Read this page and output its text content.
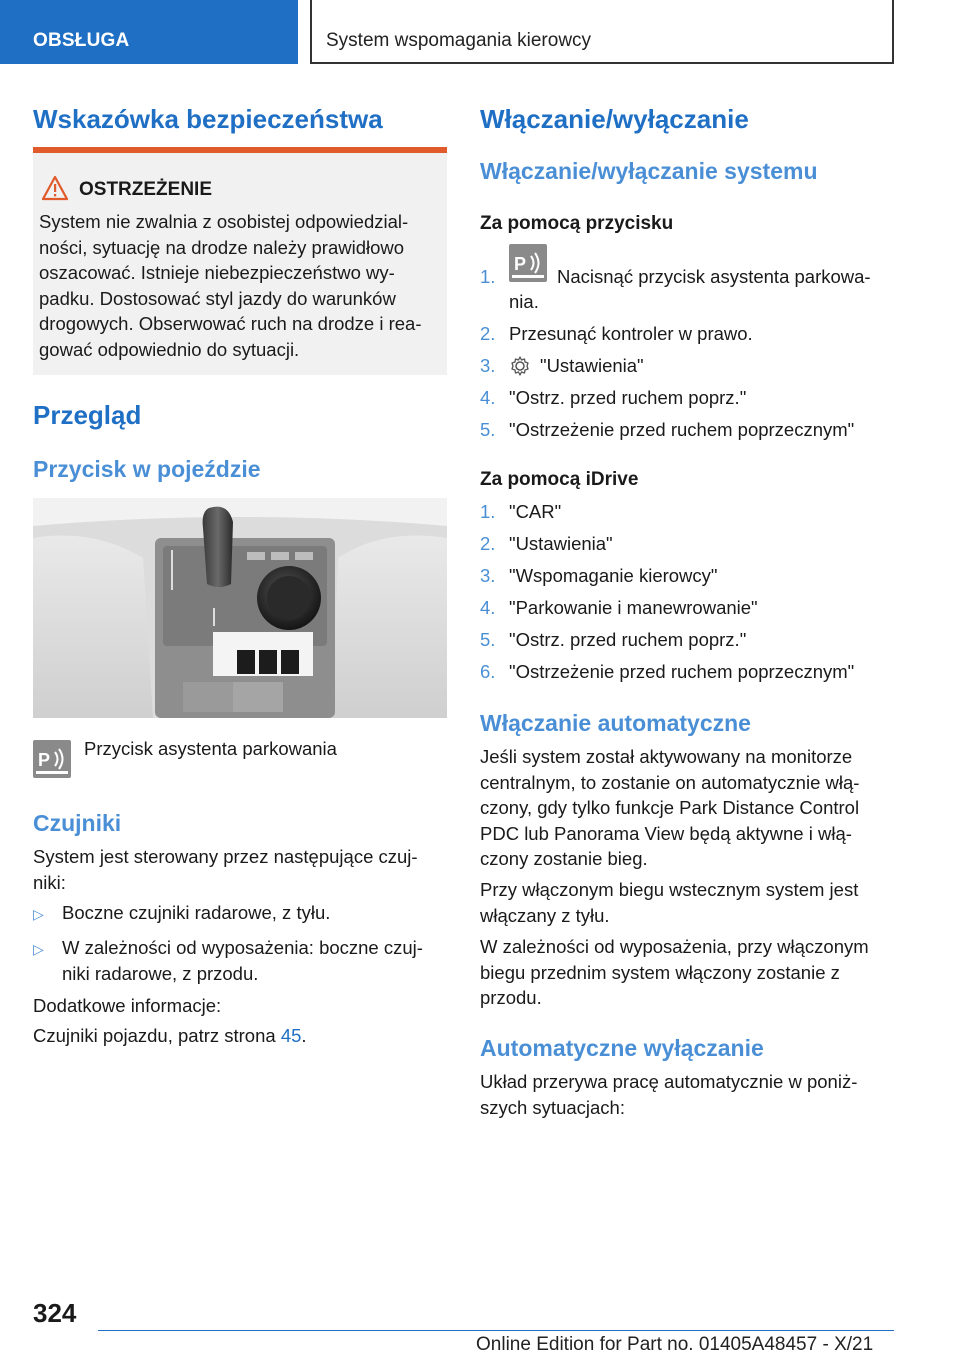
OBSŁUGA	System wspomagania kierowcy
Wskazówka bezpieczeństwa
OSTRZEŻENIE
System nie zwalnia z osobistej odpowiedzial-
ności, sytuację na drodze należy prawidłowo
oszacować. Istnieje niebezpieczeństwo wy-
padku. Dostosować styl jazdy do warunków
drogowych. Obserwować ruch na drodze i rea-
gować odpowiednio do sytuacji.
Przegląd
Przycisk w pojeździe
P
Przycisk asystenta parkowania
Czujniki
System jest sterowany przez następujące czuj-
niki:
▷ Boczne czujniki radarowe, z tyłu.
▷ W zależności od wyposażenia: boczne czuj-
niki radarowe, z przodu.
Dodatkowe informacje:
Czujniki pojazdu, patrz strona 45.
Włączanie/wyłączanie
Włączanie/wyłączanie systemu
Za pomocą przycisku
1.
P
Nacisnąć przycisk asystenta parkowa-
nia.
2. Przesunąć kontroler w prawo.
3. "Ustawienia"
4. "Ostrz. przed ruchem poprz."
5. "Ostrzeżenie przed ruchem poprzecznym"
Za pomocą iDrive
1. "CAR"
2. "Ustawienia"
3. "Wspomaganie kierowcy"
4. "Parkowanie i manewrowanie"
5. "Ostrz. przed ruchem poprz."
6. "Ostrzeżenie przed ruchem poprzecznym"
Włączanie automatyczne
Jeśli system został aktywowany na monitorze
centralnym, to zostanie on automatycznie włą-
czony, gdy tylko funkcje Park Distance Control
PDC lub Panorama View będą aktywne i włą-
czony zostanie bieg.
Przy włączonym biegu wstecznym system jest
włączany z tyłu.
W zależności od wyposażenia, przy włączonym
biegu przednim system włączony zostanie z
przodu.
Automatyczne wyłączanie
Układ przerywa pracę automatycznie w poniż-
szych sytuacjach:
324
Online Edition for Part no. 01405A48457 - X/21
